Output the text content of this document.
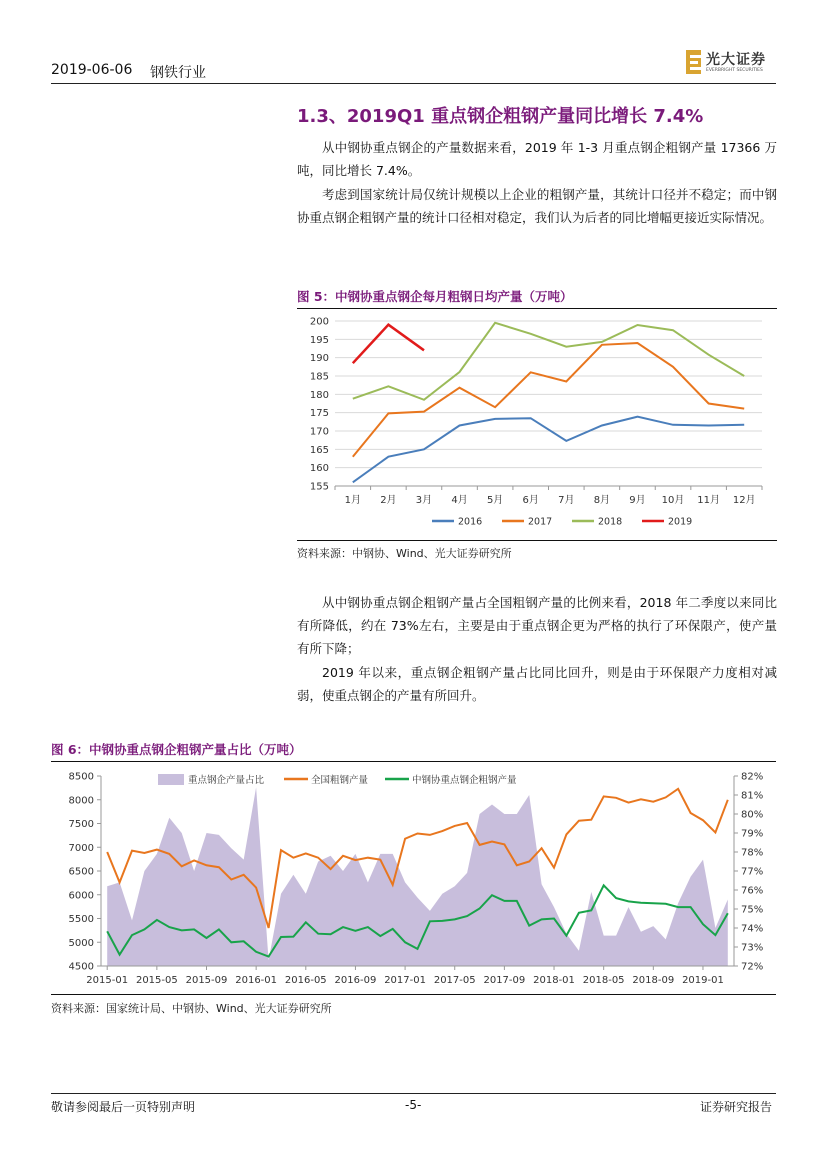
2019-06-06 钢铁行业
光大证券
EVERBRIGHT SECURITIES
1.3、2019Q1 重点钢企粗钢产量同比增长 7.4%

从中钢协重点钢企的产量数据来看，2019 年 1-3 月重点钢企粗钢产量 17366 万吨，同比增长 7.4%。

考虑到国家统计局仅统计规模以上企业的粗钢产量，其统计口径并不稳定；而中钢协重点钢企粗钢产量的统计口径相对稳定，我们认为后者的同比增幅更接近实际情况。

图 5：中钢协重点钢企每月粗钢日均产量（万吨）
155
160
165
170
175
180
185
190
195
200
1月 2月 3月 4月 5月 6月 7月 8月 9月 10月 11月 12月
2016	2017	2018	2019
资料来源：中钢协、Wind、光大证券研究所

从中钢协重点钢企粗钢产量占全国粗钢产量的比例来看，2018 年二季度以来同比有所降低，约在 73%左右，主要是由于重点钢企更为严格的执行了环保限产，使产量有所下降；

2019 年以来，重点钢企粗钢产量占比同比回升，则是由于环保限产力度相对减弱，使重点钢企的产量有所回升。

图 6：中钢协重点钢企粗钢产量占比（万吨）
4500
5000
5500
6000
6500
7000
7500
8000
8500
72%
73%
74%
75%
76%
77%
78%
79%
80%
81%
82%
2015-01 2015-05 2015-09 2016-01 2016-05 2016-09 2017-01 2017-05 2017-09 2018-01 2018-05 2018-09 2019-01
重点钢企产量占比	全国粗钢产量	中钢协重点钢企粗钢产量
资料来源：国家统计局、中钢协、Wind、光大证券研究所
敬请参阅最后一页特别声明	-5-	证券研究报告
